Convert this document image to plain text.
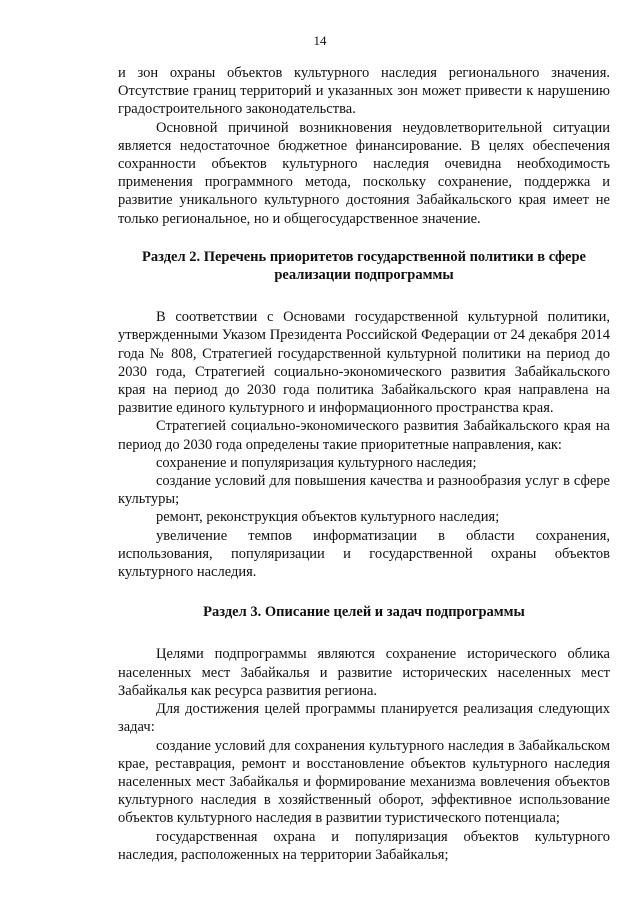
14

и зон охраны объектов культурного наследия регионального значения. Отсутствие границ территорий и указанных зон может привести к нарушению градостроительного законодательства.

Основной причиной возникновения неудовлетворительной ситуации является недостаточное бюджетное финансирование. В целях обеспечения сохранности объектов культурного наследия очевидна необходимость применения программного метода, поскольку сохранение, поддержка и развитие уникального культурного достояния Забайкальского края имеет не только региональное, но и общегосударственное значение.

Раздел 2. Перечень приоритетов государственной политики в сфере реализации подпрограммы

В соответствии с Основами государственной культурной политики, утвержденными Указом Президента Российской Федерации от 24 декабря 2014 года № 808, Стратегией государственной культурной политики на период до 2030 года, Стратегией социально-экономического развития Забайкальского края на период до 2030 года политика Забайкальского края направлена на развитие единого культурного и информационного пространства края.

Стратегией социально-экономического развития Забайкальского края на период до 2030 года определены такие приоритетные направления, как:

сохранение и популяризация культурного наследия;

создание условий для повышения качества и разнообразия услуг в сфере культуры;

ремонт, реконструкция объектов культурного наследия;

увеличение темпов информатизации в области сохранения, использования, популяризации и государственной охраны объектов культурного наследия.

Раздел 3. Описание целей и задач подпрограммы

Целями подпрограммы являются сохранение исторического облика населенных мест Забайкалья и развитие исторических населенных мест Забайкалья как ресурса развития региона.

Для достижения целей программы планируется реализация следующих задач:

создание условий для сохранения культурного наследия в Забайкальском крае, реставрация, ремонт и восстановление объектов культурного наследия населенных мест Забайкалья и формирование механизма вовлечения объектов культурного наследия в хозяйственный оборот, эффективное использование объектов культурного наследия в развитии туристического потенциала;

государственная охрана и популяризация объектов культурного наследия, расположенных на территории Забайкалья;
